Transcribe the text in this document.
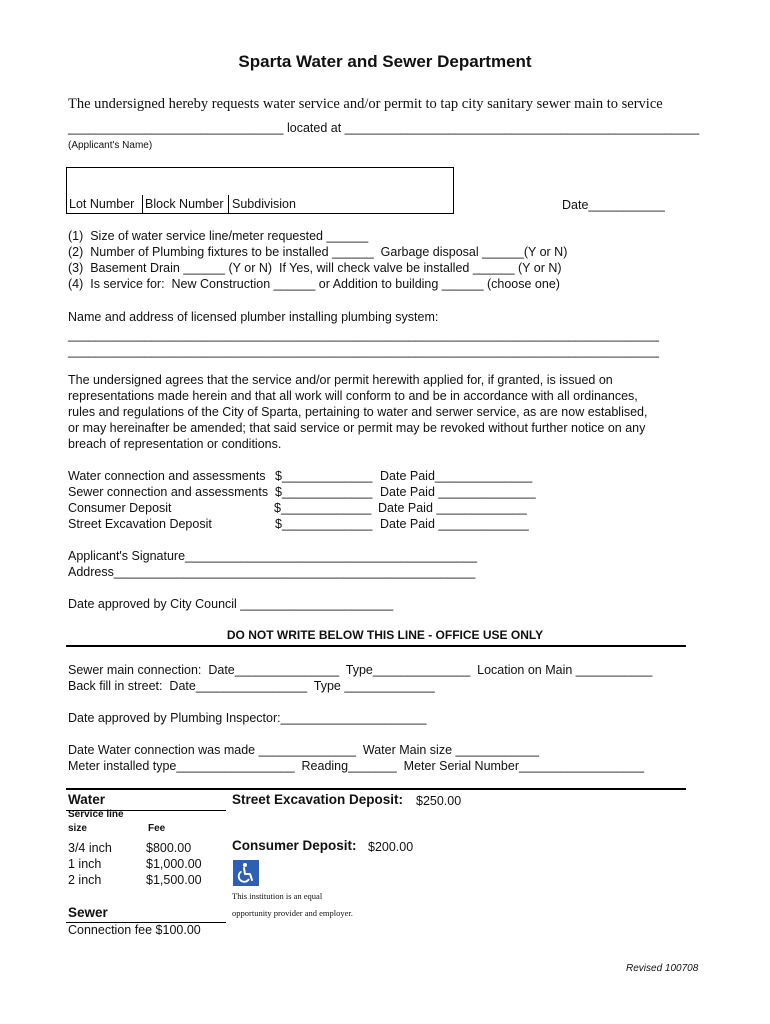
Sparta Water and Sewer Department
The undersigned hereby requests water service and/or permit to tap city sanitary sewer main to service
_______________________________ located at ___________________________________________________
(Applicant's Name)
Lot Number Block Number Subdivision	Date___________
(1)  Size of water service line/meter requested ______
(2)  Number of Plumbing fixtures to be installed ______  Garbage disposal ______(Y or N)
(3)  Basement Drain ______ (Y or N)  If Yes, will check valve be installed ______ (Y or N)
(4)  Is service for:  New Construction ______ or Addition to building ______ (choose one)
Name and address of licensed plumber installing plumbing system:
_____________________________________________________________________________________
_____________________________________________________________________________________
The undersigned agrees that the service and/or permit herewith applied for, if granted, is issued on
representations made herein and that all work will conform to and be in accordance with all ordinances,
rules and regulations of the City of Sparta, pertaining to water and serwer service, as are now establised,
or may hereinafter be amended; that said service or permit may be revoked without further notice on any
breach of representation or conditions.
Water connection and assessments $_____________ Date Paid______________
Sewer connection and assessments $_____________ Date Paid ______________
Consumer Deposit	$_____________ Date Paid _____________
Street Excavation Deposit	$_____________ Date Paid _____________
Applicant's Signature__________________________________________
Address____________________________________________________
Date approved by City Council ______________________
DO NOT WRITE BELOW THIS LINE - OFFICE USE ONLY
Sewer main connection:  Date_______________  Type______________  Location on Main ___________
Back fill in street:  Date________________  Type _____________
Date approved by Plumbing Inspector:_____________________
Date Water connection was made ______________  Water Main size ____________
Meter installed type_________________  Reading_______  Meter Serial Number__________________
Water
Service line
size	Fee
3/4 inch	$800.00
1 inch	$1,000.00
2 inch	$1,500.00
Sewer
Connection fee $100.00
Street Excavation Deposit: $250.00
Consumer Deposit: $200.00
This institution is an equal
opportunity provider and employer.
Revised 100708
